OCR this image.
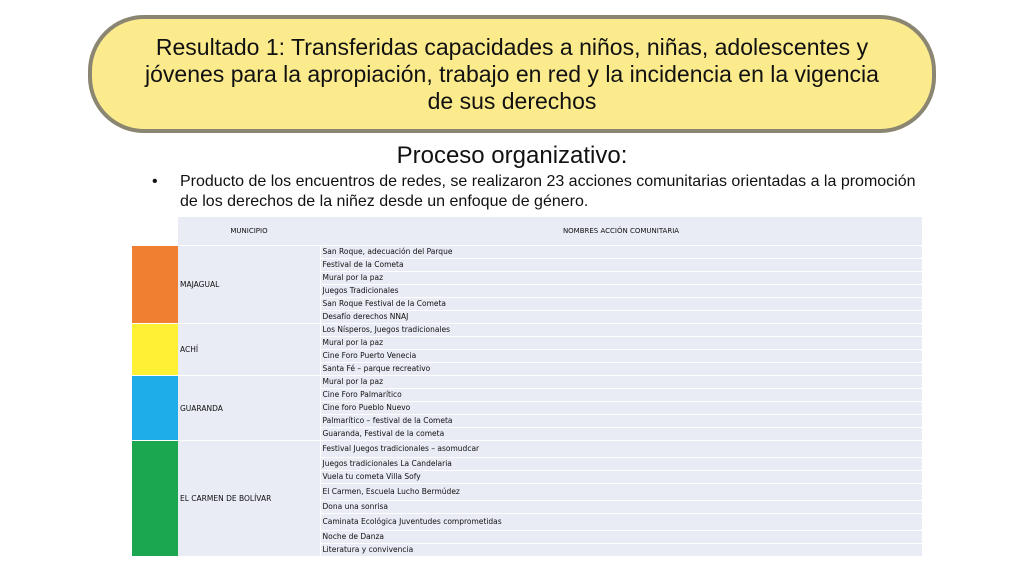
Resultado 1: Transferidas capacidades a niños, niñas, adolescentes y jóvenes para la apropiación, trabajo en red y la incidencia en la vigencia de sus derechos
Proceso organizativo:
•	Producto de los encuentros de redes, se realizaron 23 acciones comunitarias orientadas a la promoción de los derechos de la niñez desde un enfoque de género.
	MUNICIPIO	NOMBRES ACCIÓN COMUNITARIA
	MAJAGUAL	San Roque, adecuación del Parque
		Festival de la Cometa
		Mural por la paz
		Juegos Tradicionales
		San Roque Festival de la Cometa
		Desafío derechos NNAJ
	ACHÍ	Los Nísperos, Juegos tradicionales
		Mural por la paz
		Cine Foro Puerto Venecia
		Santa Fé – parque recreativo
	GUARANDA	Mural por la paz
		Cine Foro Palmarítico
		Cine foro Pueblo Nuevo
		Palmarítico – festival de la Cometa
		Guaranda, Festival de la cometa
	EL CARMEN DE BOLÍVAR	Festival Juegos tradicionales – asomudcar
		Juegos tradicionales La Candelaria
		Vuela tu cometa Villa Sofy
		El Carmen, Escuela Lucho Bermúdez
		Dona una sonrisa
		Caminata Ecológica Juventudes comprometidas
		Noche de Danza
		Literatura y convivencia
